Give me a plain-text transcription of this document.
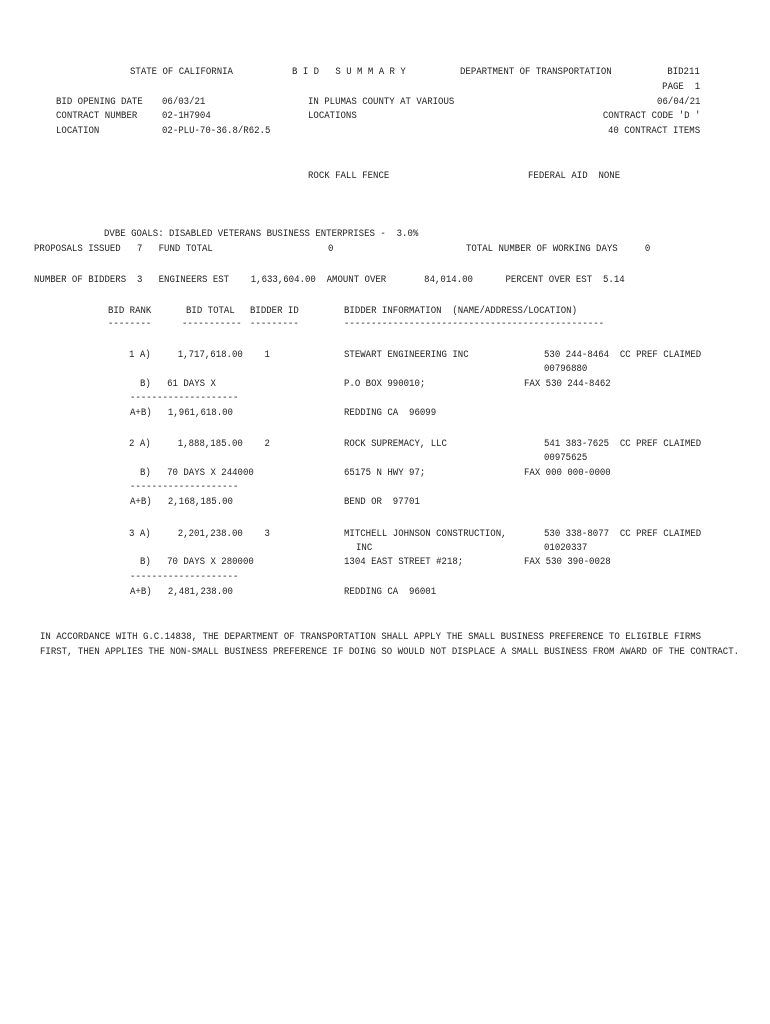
STATE OF CALIFORNIA	B I D   S U M M A R Y	DEPARTMENT OF TRANSPORTATION	BID211
PAGE  1
BID OPENING DATE 06/03/21	IN PLUMAS COUNTY AT VARIOUS	06/04/21
CONTRACT NUMBER 02-1H7904	LOCATIONS	CONTRACT CODE 'D '
LOCATION	02-PLU-70-36.8/R62.5	40 CONTRACT ITEMS
ROCK FALL FENCE	FEDERAL AID  NONE
DVBE GOALS: DISABLED VETERANS BUSINESS ENTERPRISES -  3.0%
PROPOSALS ISSUED   7   FUND TOTAL	0	TOTAL NUMBER OF WORKING DAYS     0
NUMBER OF BIDDERS  3   ENGINEERS EST    1,633,604.00  AMOUNT OVER       84,014.00      PERCENT OVER EST  5.14
BID RANK	BID TOTAL BIDDER ID	BIDDER INFORMATION  (NAME/ADDRESS/LOCATION)
--------	----------- ---------	------------------------------------------------
1 A)     1,717,618.00    1	STEWART ENGINEERING INC	530 244-8464  CC PREF CLAIMED
00796880
B)   61 DAYS X	P.O BOX 990010;	FAX 530 244-8462
--------------------
A+B)   1,961,618.00	REDDING CA  96099
2 A)     1,888,185.00    2	ROCK SUPREMACY, LLC	541 383-7625  CC PREF CLAIMED
00975625
B)   70 DAYS X 244000	65175 N HWY 97;	FAX 000 000-0000
--------------------
A+B)   2,168,185.00	BEND OR  97701
3 A)     2,201,238.00    3	MITCHELL JOHNSON CONSTRUCTION,	530 338-8077  CC PREF CLAIMED
INC	01020337
B)   70 DAYS X 280000	1304 EAST STREET #218;	FAX 530 390-0028
--------------------
A+B)   2,481,238.00	REDDING CA  96001
IN ACCORDANCE WITH G.C.14838, THE DEPARTMENT OF TRANSPORTATION SHALL APPLY THE SMALL BUSINESS PREFERENCE TO ELIGIBLE FIRMS
FIRST, THEN APPLIES THE NON-SMALL BUSINESS PREFERENCE IF DOING SO WOULD NOT DISPLACE A SMALL BUSINESS FROM AWARD OF THE CONTRACT.
